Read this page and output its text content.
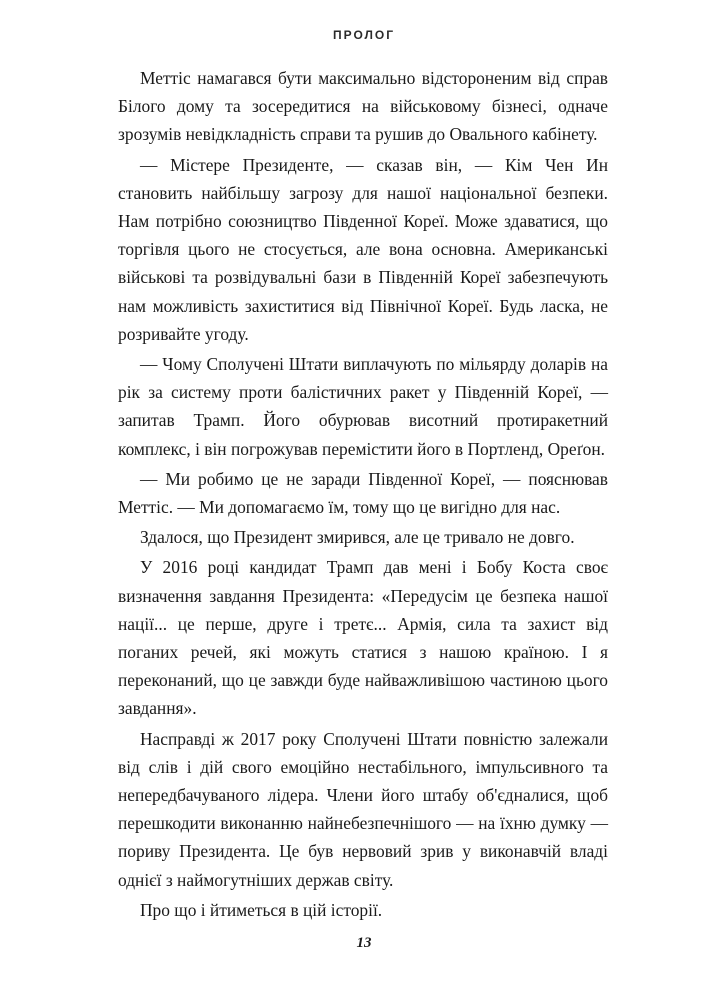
ПРОЛОГ

Меттіс намагався бути максимально відстороненим від справ Білого дому та зосередитися на військовому бізнесі, одначе зрозумів невідкладність справи та рушив до Овального кабінету.

— Містере Президенте, — сказав він, — Кім Чен Ин становить найбільшу загрозу для нашої національної безпеки. Нам потрібно союзництво Південної Кореї. Може здаватися, що торгівля цього не стосується, але вона основна. Американські військові та розвідувальні бази в Південній Кореї забезпечують нам можливість захиститися від Північної Кореї. Будь ласка, не розривайте угоду.

— Чому Сполучені Штати виплачують по мільярду доларів на рік за систему проти балістичних ракет у Південній Кореї, — запитав Трамп. Його обурював висотний протиракетний комплекс, і він погрожував перемістити його в Портленд, Ореґон.

— Ми робимо це не заради Південної Кореї, — пояснював Меттіс. — Ми допомагаємо їм, тому що це вигідно для нас.

Здалося, що Президент змирився, але це тривало не довго.

У 2016 році кандидат Трамп дав мені і Бобу Коста своє визначення завдання Президента: «Передусім це безпека нашої нації... це перше, друге і третє... Армія, сила та захист від поганих речей, які можуть статися з нашою країною. І я переконаний, що це завжди буде найважливішою частиною цього завдання».

Насправді ж 2017 року Сполучені Штати повністю залежали від слів і дій свого емоційно нестабільного, імпульсивного та непередбачуваного лідера. Члени його штабу об'єдналися, щоб перешкодити виконанню найнебезпечнішого — на їхню думку — пориву Президента. Це був нервовий зрив у виконавчій владі однієї з наймогутніших держав світу.

Про що і йтиметься в цій історії.

13
